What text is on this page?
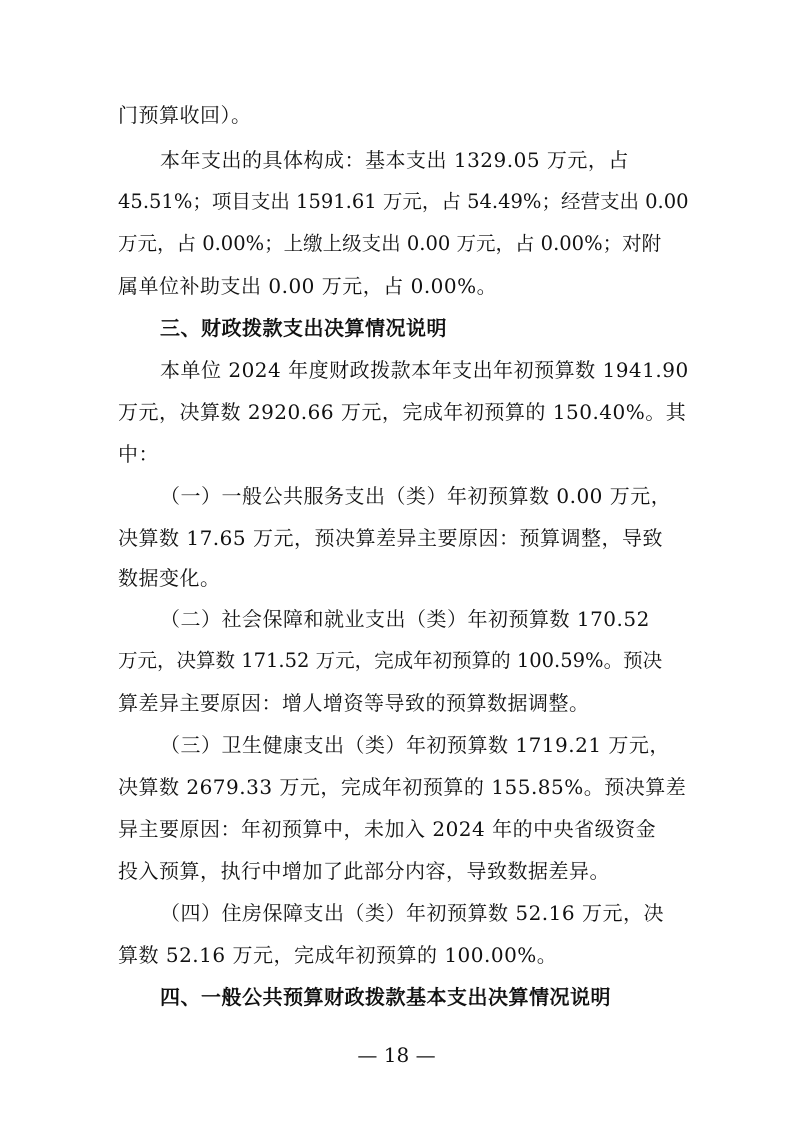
门预算收回）。
本年支出的具体构成：基本支出 1329.05 万元，占
45.51%；项目支出 1591.61 万元，占 54.49%；经营支出 0.00
万元，占 0.00%；上缴上级支出 0.00 万元，占 0.00%；对附
属单位补助支出 0.00 万元，占 0.00%。
三、财政拨款支出决算情况说明
本单位 2024 年度财政拨款本年支出年初预算数 1941.90
万元，决算数 2920.66 万元，完成年初预算的 150.40%。其
中：
（一）一般公共服务支出（类）年初预算数 0.00 万元，
决算数 17.65 万元，预决算差异主要原因：预算调整，导致
数据变化。
（二）社会保障和就业支出（类）年初预算数 170.52
万元，决算数 171.52 万元，完成年初预算的 100.59%。预决
算差异主要原因：增人增资等导致的预算数据调整。
（三）卫生健康支出（类）年初预算数 1719.21 万元，
决算数 2679.33 万元，完成年初预算的 155.85%。预决算差
异主要原因：年初预算中，未加入 2024 年的中央省级资金
投入预算，执行中增加了此部分内容，导致数据差异。
（四）住房保障支出（类）年初预算数 52.16 万元，决
算数 52.16 万元，完成年初预算的 100.00%。
四、一般公共预算财政拨款基本支出决算情况说明
— 18 —
